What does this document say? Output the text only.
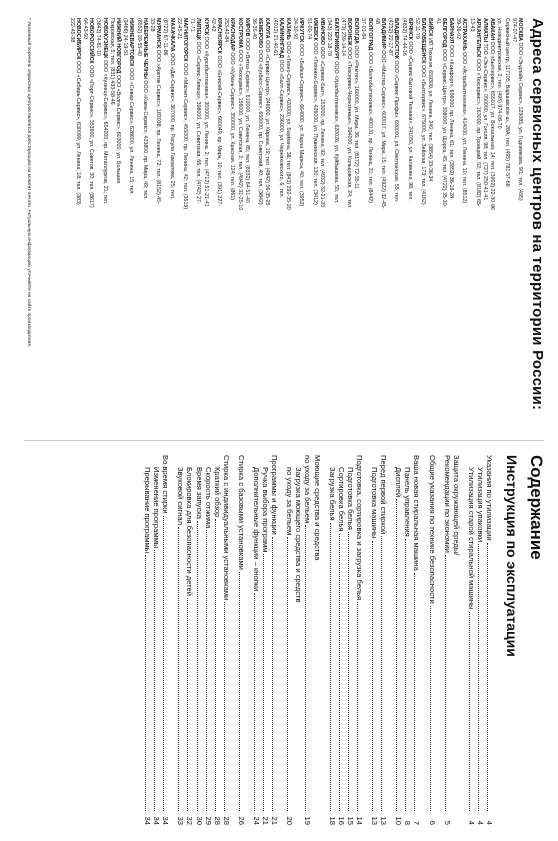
Адреса сервисных центров на территории России:

МОСКВА ООО «Эндлайн Сервис», 129085, ул. Годовикова, 9/1; тел. (495) 974-07-47

Сервисный центр, 117105, Варшавское ш., 28А; тел. (495) 781-57-68

ул. Новодмитровская, 2; тел. (495) 974-08-70

АБАКАН ООО «Бытсервис», 655017, ул. Вокзальная, 14; тел. (3902) 22-30-96

АЛМАТЫ ТОО «Эко-Сервис», 050000, ул. Гоголя, 98; тел. (727) 250-41-41

АРХАНГЕЛЬСК ООО «Техсервис», 163000, пр. Троицкий, 52; тел. (8182) 65-13-43

АСТРАХАНЬ ООО «Астрабыттехника», 414000, ул. Ленина, 10; тел. (8512) 39-36-02

БАРНАУЛ ООО «Комфорт», 656000, пр. Ленина, 61; тел. (3852) 36-18-28

БЕЛГОРОД ООО «Сервис-Центр», 308000, ул. Щорса, 45; тел. (4722) 35-30-41

БИЙСК ИП Тихонов, 659300, ул. Ленина, 240; тел. (3854) 33-36-34

БЛАГОВЕЩЕНСК ООО «Бытсервис», 675000, ул. Зейская, 173; тел. (4162) 52-11-79

БРЯНСК ООО «Сервис-Бытовой Техники», 241050, ул. Калинина, 98; тел. (4832) 74-44-16

ВЛАДИВОСТОК ООО «Сервис-Профи», 690091, ул. Светланская, 55; тел. (4232) 22-17-87

ВЛАДИМИР ООО «Мастер-Сервис», 600017, ул. Мира, 15; тел. (4922) 32-45-48

ВОЛГОГРАД ООО «Волгобыттехника», 400131, пр. Ленина, 31; тел. (8442) 37-01-84

ВОЛОГДА ООО «Ремтех», 160000, ул. Мира, 36; тел. (8172) 72-35-11

ВОРОНЕЖ ООО «Техсервис-Черноземье», 394000, ул. Кольцовская, 24; тел. (473) 239-14-14

ЕКАТЕРИНБУРГ ООО «Уралбыттехника», 620026, ул. Куйбышева, 55; тел. (343) 222-18-78

ИВАНОВО ООО «Сервис-Быт», 153000, пр. Ленина, 92; тел. (4932) 32-21-20

ИЖЕВСК ООО «Техника-Сервис», 426000, ул. Пушкинская, 130; тел. (3412) 51-00-74

ИРКУТСК ООО «Байкал-Сервис», 664000, ул. Карла Маркса, 40; тел. (3952) 24-30-50

КАЗАНЬ ООО «Техно-Сервис», 420000, ул. Баумана, 38; тел. (843) 292-35-20

КАЛИНИНГРАД ООО «Балт-Сервис», 236000, ул. Черняховского, 6; тел. (4012) 21-40-61

КАЛУГА ООО «Сервис-Центр», 248000, ул. Кирова, 19; тел. (4842) 56-35-25

КЕМЕРОВО ООО «Кузбасс-Сервис», 650000, пр. Советский, 40; тел. (3842) 36-35-40

КИРОВ ООО «Вятка-Сервис», 610000, ул. Ленина, 85; тел. (8332) 64-51-40

КОСТРОМА ООО «Техсервис», 156000, ул. Советская, 2; тел. (4942) 31-25-10

КРАСНОДАР ООО «Кубань-Сервис», 350000, ул. Красная, 124; тел. (861) 253-40-84

КРАСНОЯРСК ООО «Енисей-Сервис», 660049, пр. Мира, 10; тел. (391) 227-42-42

КУРСК ООО «Курскбыттехника», 305000, ул. Ленина, 2; тел. (4712) 51-21-41

ЛИПЕЦК ООО «Сервис-Липецк», 398000, ул. Советская, 66; тел. (4742) 27-71-71

МАГНИТОГОРСК ООО «Магнит-Сервис», 455000, пр. Ленина, 42; тел. (3519) 22-45-21

МАХАЧКАЛА ООО «Даг-Сервис», 367000, пр. Расула Гамзатова, 25; тел. (8722) 67-11-86

МУРМАНСК ООО «Арктик-Сервис», 183038, пр. Ленина, 72; тел. (8152) 45-33-28

НАБЕРЕЖНЫЕ ЧЕЛНЫ ООО «Кама-Сервис», 423800, пр. Мира, 49; тел. (8552) 39-55-40

НИЖНЕВАРТОВСК ООО «Север-Сервис», 628600, ул. Ленина, 15; тел. (3466) 24-19-51

НИЖНИЙ НОВГОРОД ООО «Волга-Сервис», 603000, ул. Большая Покровская, 5; тел. (831) 433-58-46

НОВОКУЗНЕЦК ООО «Кузнецк-Сервис», 654000, пр. Металлургов, 21; тел. (3843) 74-81-10

НОВОРОССИЙСК ООО «Порт-Сервис», 353900, ул. Советов, 30; тел. (8617) 64-43-60

НОВОСИБИРСК ООО «Сибирь-Сервис», 630099, ул. Ленина, 18; тел. (383) 222-45-38

* Указанный перечень сервисных центров является действующим на момент печати. Актуальную информацию уточняйте на сайте производителя.
Содержание
Инструкция по эксплуатации
Указания по утилизации
4
Утилизация упаковки
4
Утилизация старой стиральной машины
4
Защита окружающей среды/
Рекомендации по экономии
5
Общие указания по технике безопасности
6
Ваша новая стиральная машина
7
Панель управления
8
Дисплей
10
Перед первой стиркой
13
Подготовка машины
13
Подготовка, сортировка и загрузка белья
14
Подготовка белья
15
Сортировка белья
16
Загрузка белья
18
Моющие средства и средства
по уходу за бельем
19
Загрузка моющего средства и средств
по уходу за бельем
20
Программы и функции
21
Ручка выбора программ
21
Дополнительные функции – кнопки
24
Стирка с базовыми установками
26
Стирка с индивидуальными установками
28
Краткий обзор
28
Скорость отжима
29
Время запуска
30
Блокировка для безопасности детей
32
Звуковой сигнал
33
Во время стирки
34
Изменение программы
34
Прерывание программы
34
